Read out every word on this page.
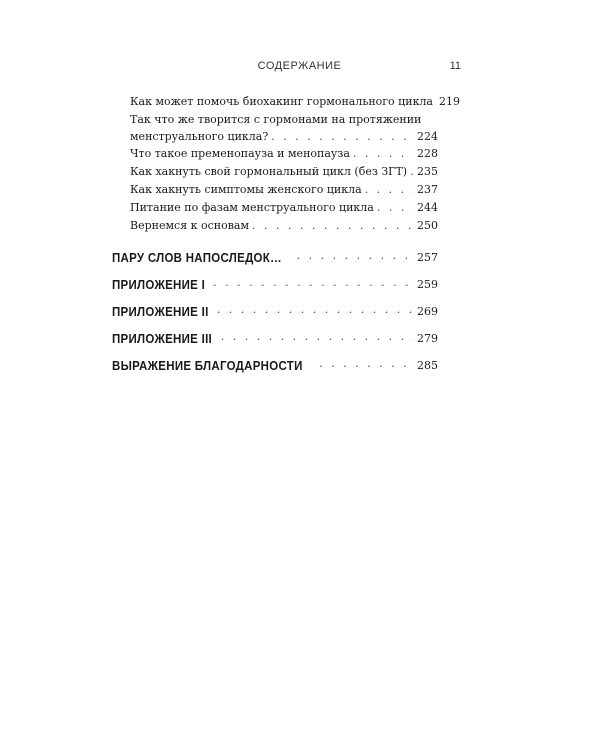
СОДЕРЖАНИЕ	11
Как может помочь биохакинг гормонального цикла 219
Так что же творится с гормонами на протяжении
менструального цикла? . . .	224
Что такое пременопауза и менопауза . . .	228
Как хакнуть свой гормональный цикл (без ЗГТ) . . . 235
Как хакнуть симптомы женского цикла . . .	237
Питание по фазам менструального цикла . . .	244
Вернемся к основам . . .	250
ПАРУ СЛОВ НАПОСЛЕДОК… . . .	257
ПРИЛОЖЕНИЕ I . . .	259
ПРИЛОЖЕНИЕ II . . .	269
ПРИЛОЖЕНИЕ III . . .	279
ВЫРАЖЕНИЕ БЛАГОДАРНОСТИ . . .	285
